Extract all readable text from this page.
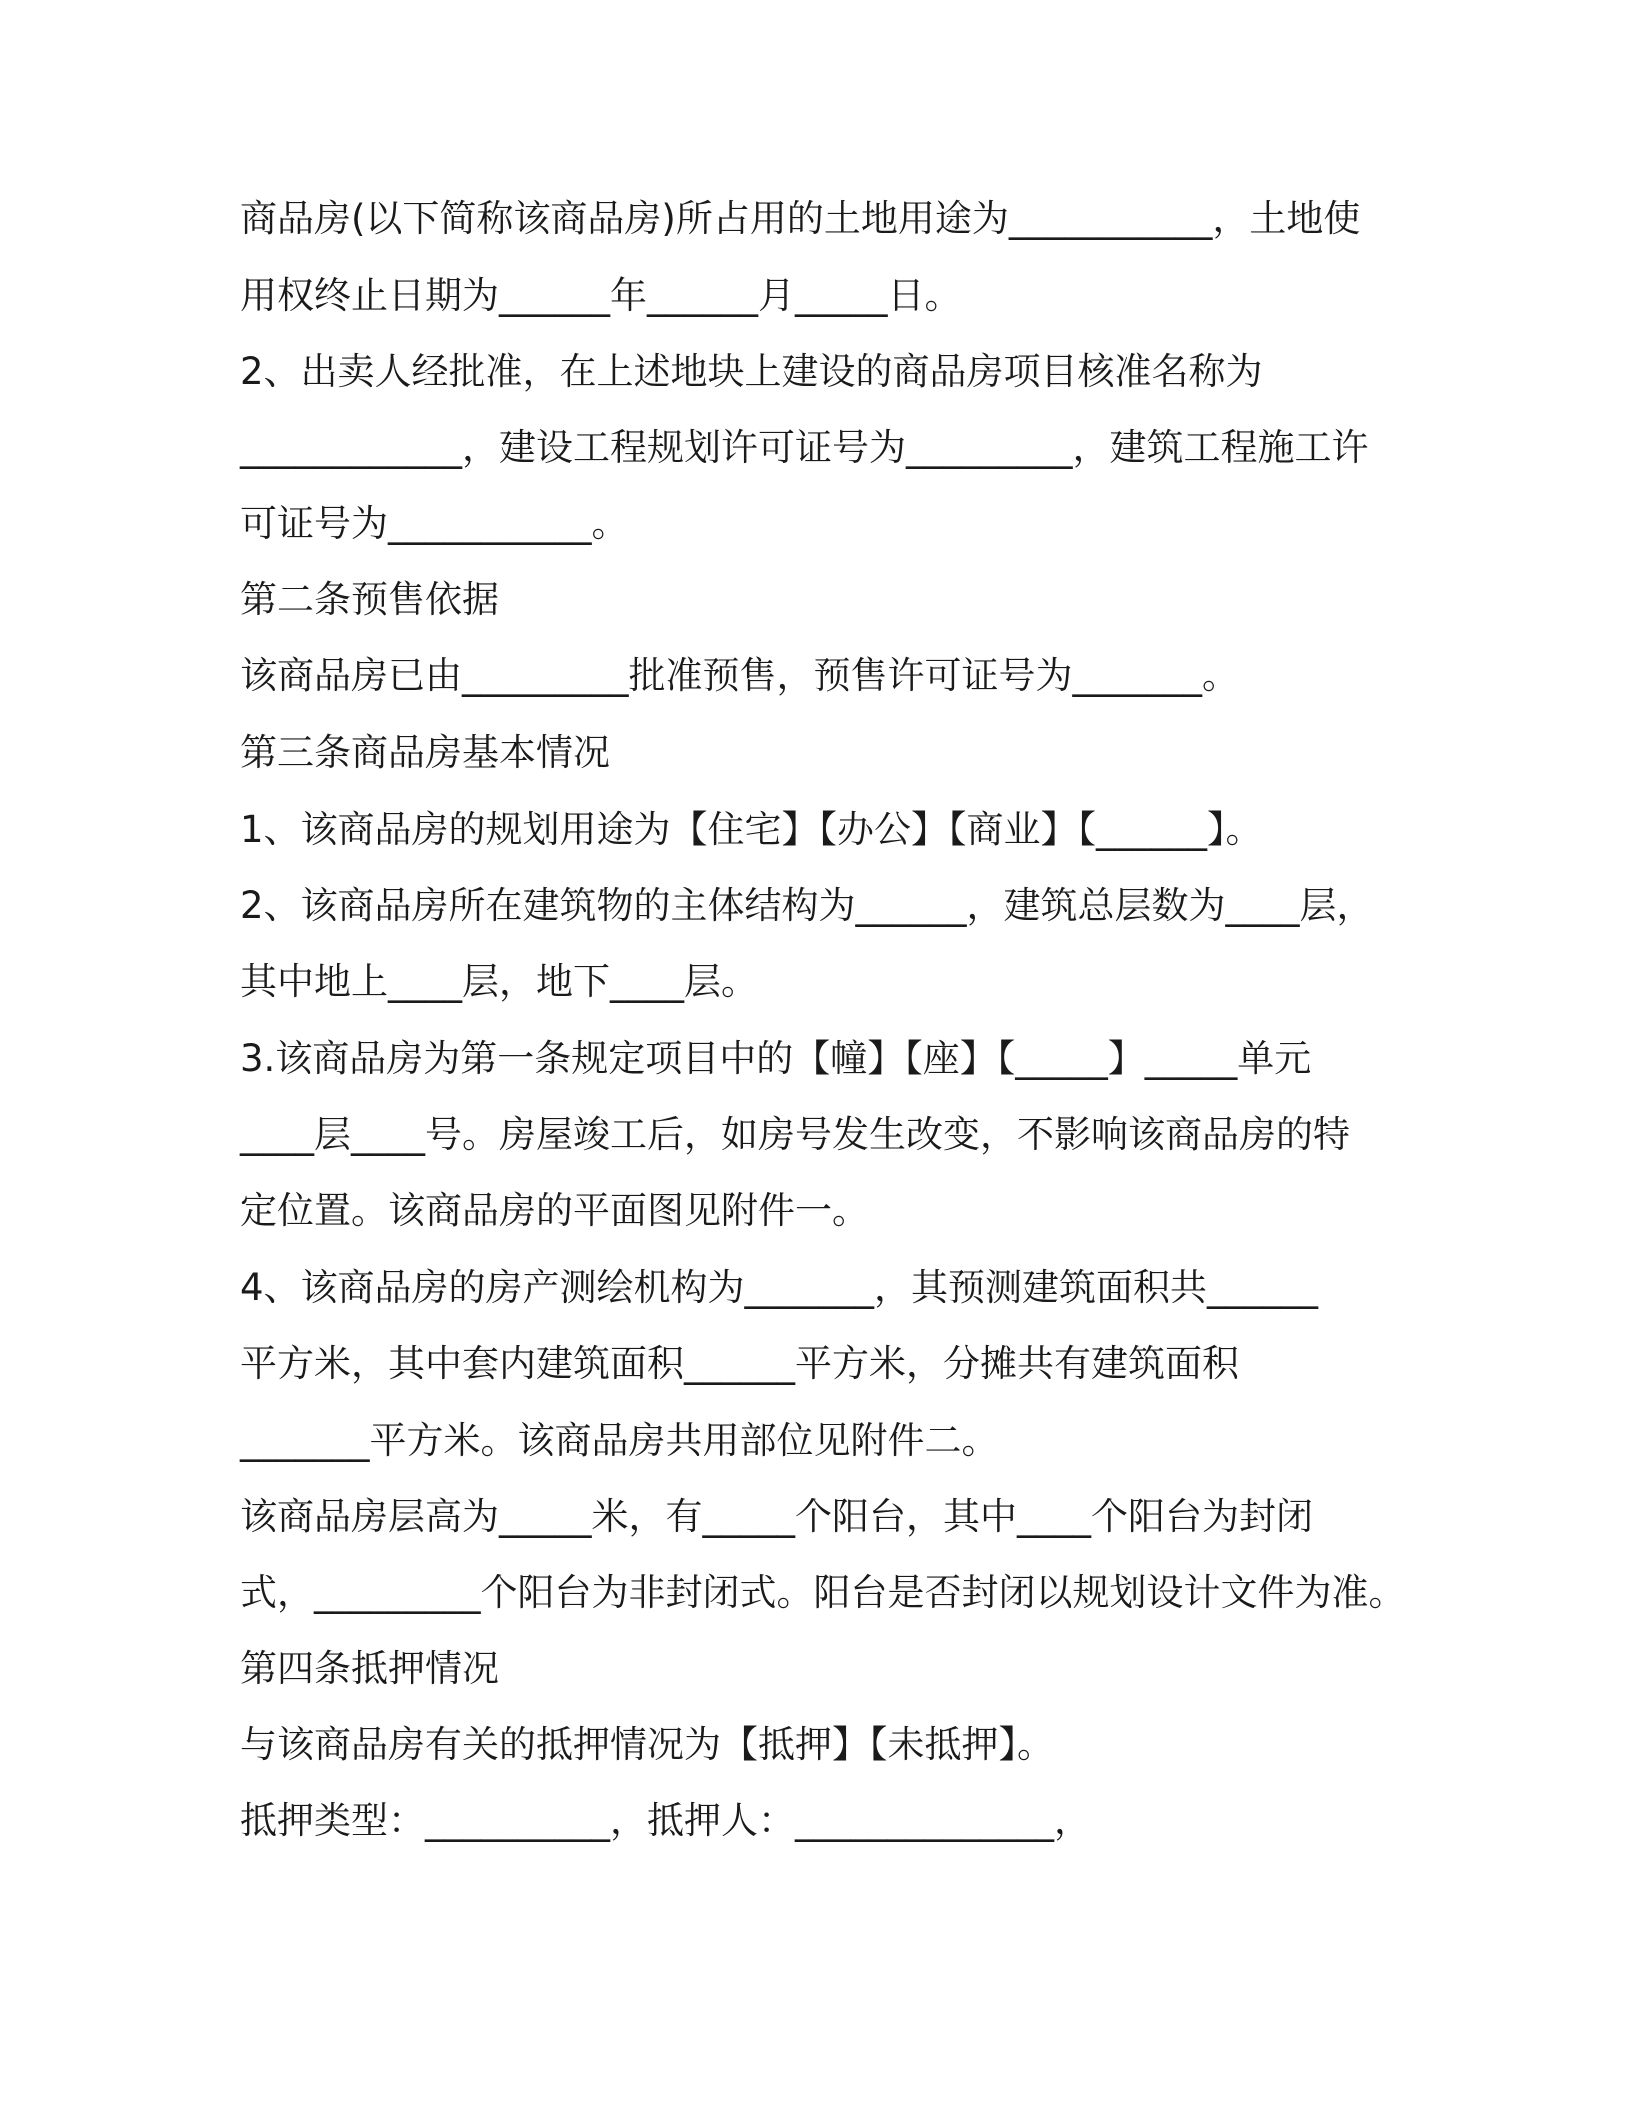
商品房(以下简称该商品房)所占用的土地用途为___________，土地使
用权终止日期为______年______月_____日。
2、出卖人经批准，在上述地块上建设的商品房项目核准名称为
____________，建设工程规划许可证号为_________，建筑工程施工许
可证号为___________。
第二条预售依据
该商品房已由_________批准预售，预售许可证号为_______。
第三条商品房基本情况
1、该商品房的规划用途为【住宅】【办公】【商业】【______】。
2、该商品房所在建筑物的主体结构为______，建筑总层数为____层，
其中地上____层，地下____层。
3.该商品房为第一条规定项目中的【幢】【座】【_____】_____单元
____层____号。房屋竣工后，如房号发生改变，不影响该商品房的特
定位置。该商品房的平面图见附件一。
4、该商品房的房产测绘机构为_______，其预测建筑面积共______
平方米，其中套内建筑面积______平方米，分摊共有建筑面积
_______平方米。该商品房共用部位见附件二。
该商品房层高为_____米，有_____个阳台，其中____个阳台为封闭
式，_________个阳台为非封闭式。阳台是否封闭以规划设计文件为准。
第四条抵押情况
与该商品房有关的抵押情况为【抵押】【未抵押】。
抵押类型：__________，抵押人：______________，
